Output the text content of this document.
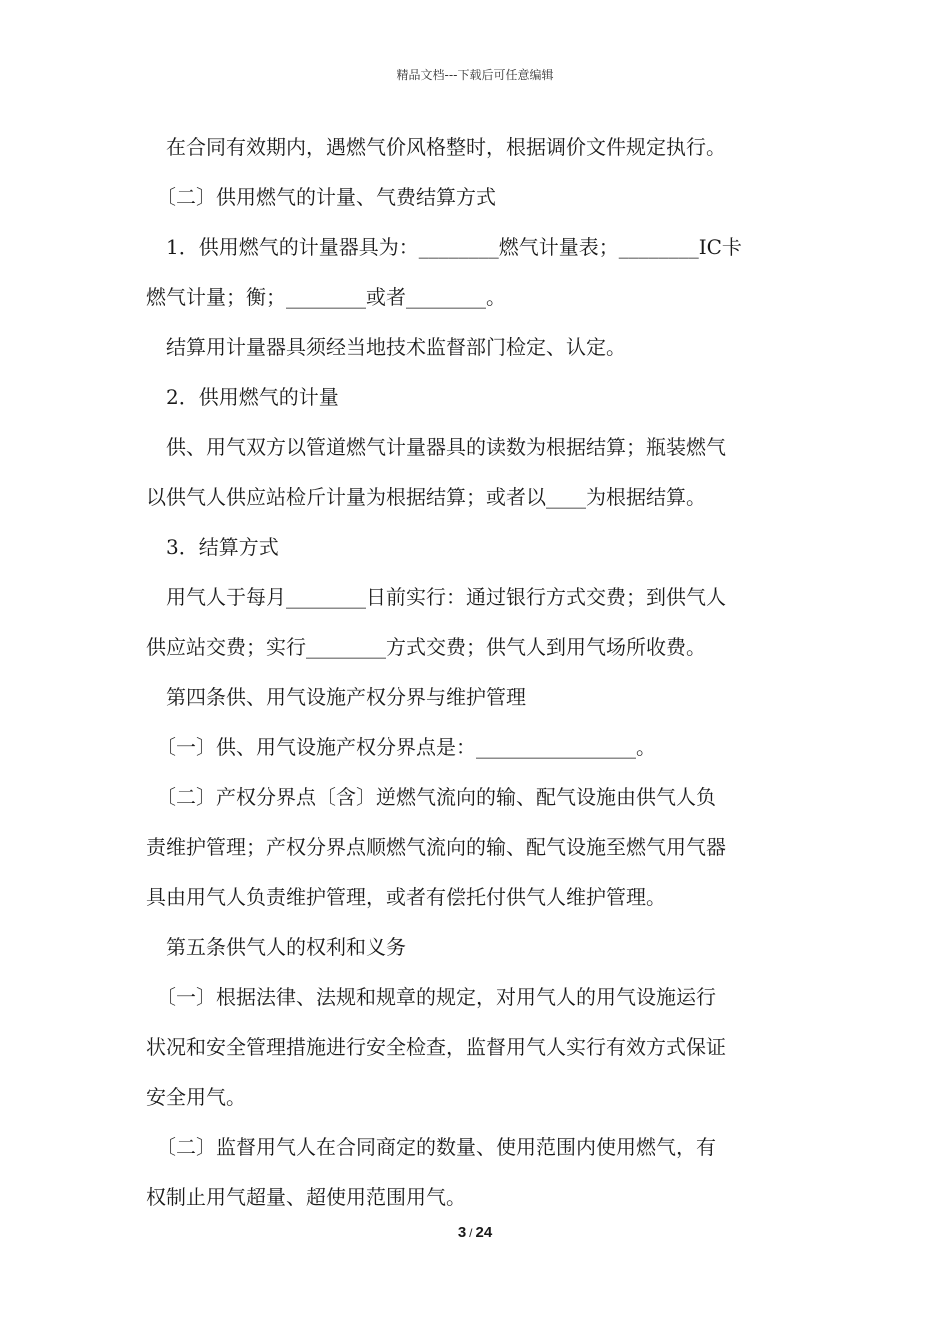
精品文档---下载后可任意编辑
　在合同有效期内，遇燃气价风格整时，根据调价文件规定执行。
　〔二〕供用燃气的计量、气费结算方式
　1．供用燃气的计量器具为：________燃气计量表；________IC卡
燃气计量；衡；________或者________。
　结算用计量器具须经当地技术监督部门检定、认定。
　2．供用燃气的计量
　供、用气双方以管道燃气计量器具的读数为根据结算；瓶装燃气
以供气人供应站检斤计量为根据结算；或者以____为根据结算。
　3．结算方式
　用气人于每月________日前实行：通过银行方式交费；到供气人
供应站交费；实行________方式交费；供气人到用气场所收费。
　第四条供、用气设施产权分界与维护管理
　〔一〕供、用气设施产权分界点是：________________。
　〔二〕产权分界点〔含〕逆燃气流向的输、配气设施由供气人负
责维护管理；产权分界点顺燃气流向的输、配气设施至燃气用气器
具由用气人负责维护管理，或者有偿托付供气人维护管理。
　第五条供气人的权利和义务
　〔一〕根据法律、法规和规章的规定，对用气人的用气设施运行
状况和安全管理措施进行安全检查，监督用气人实行有效方式保证
安全用气。
　〔二〕监督用气人在合同商定的数量、使用范围内使用燃气，有
权制止用气超量、超使用范围用气。
3 / 24
